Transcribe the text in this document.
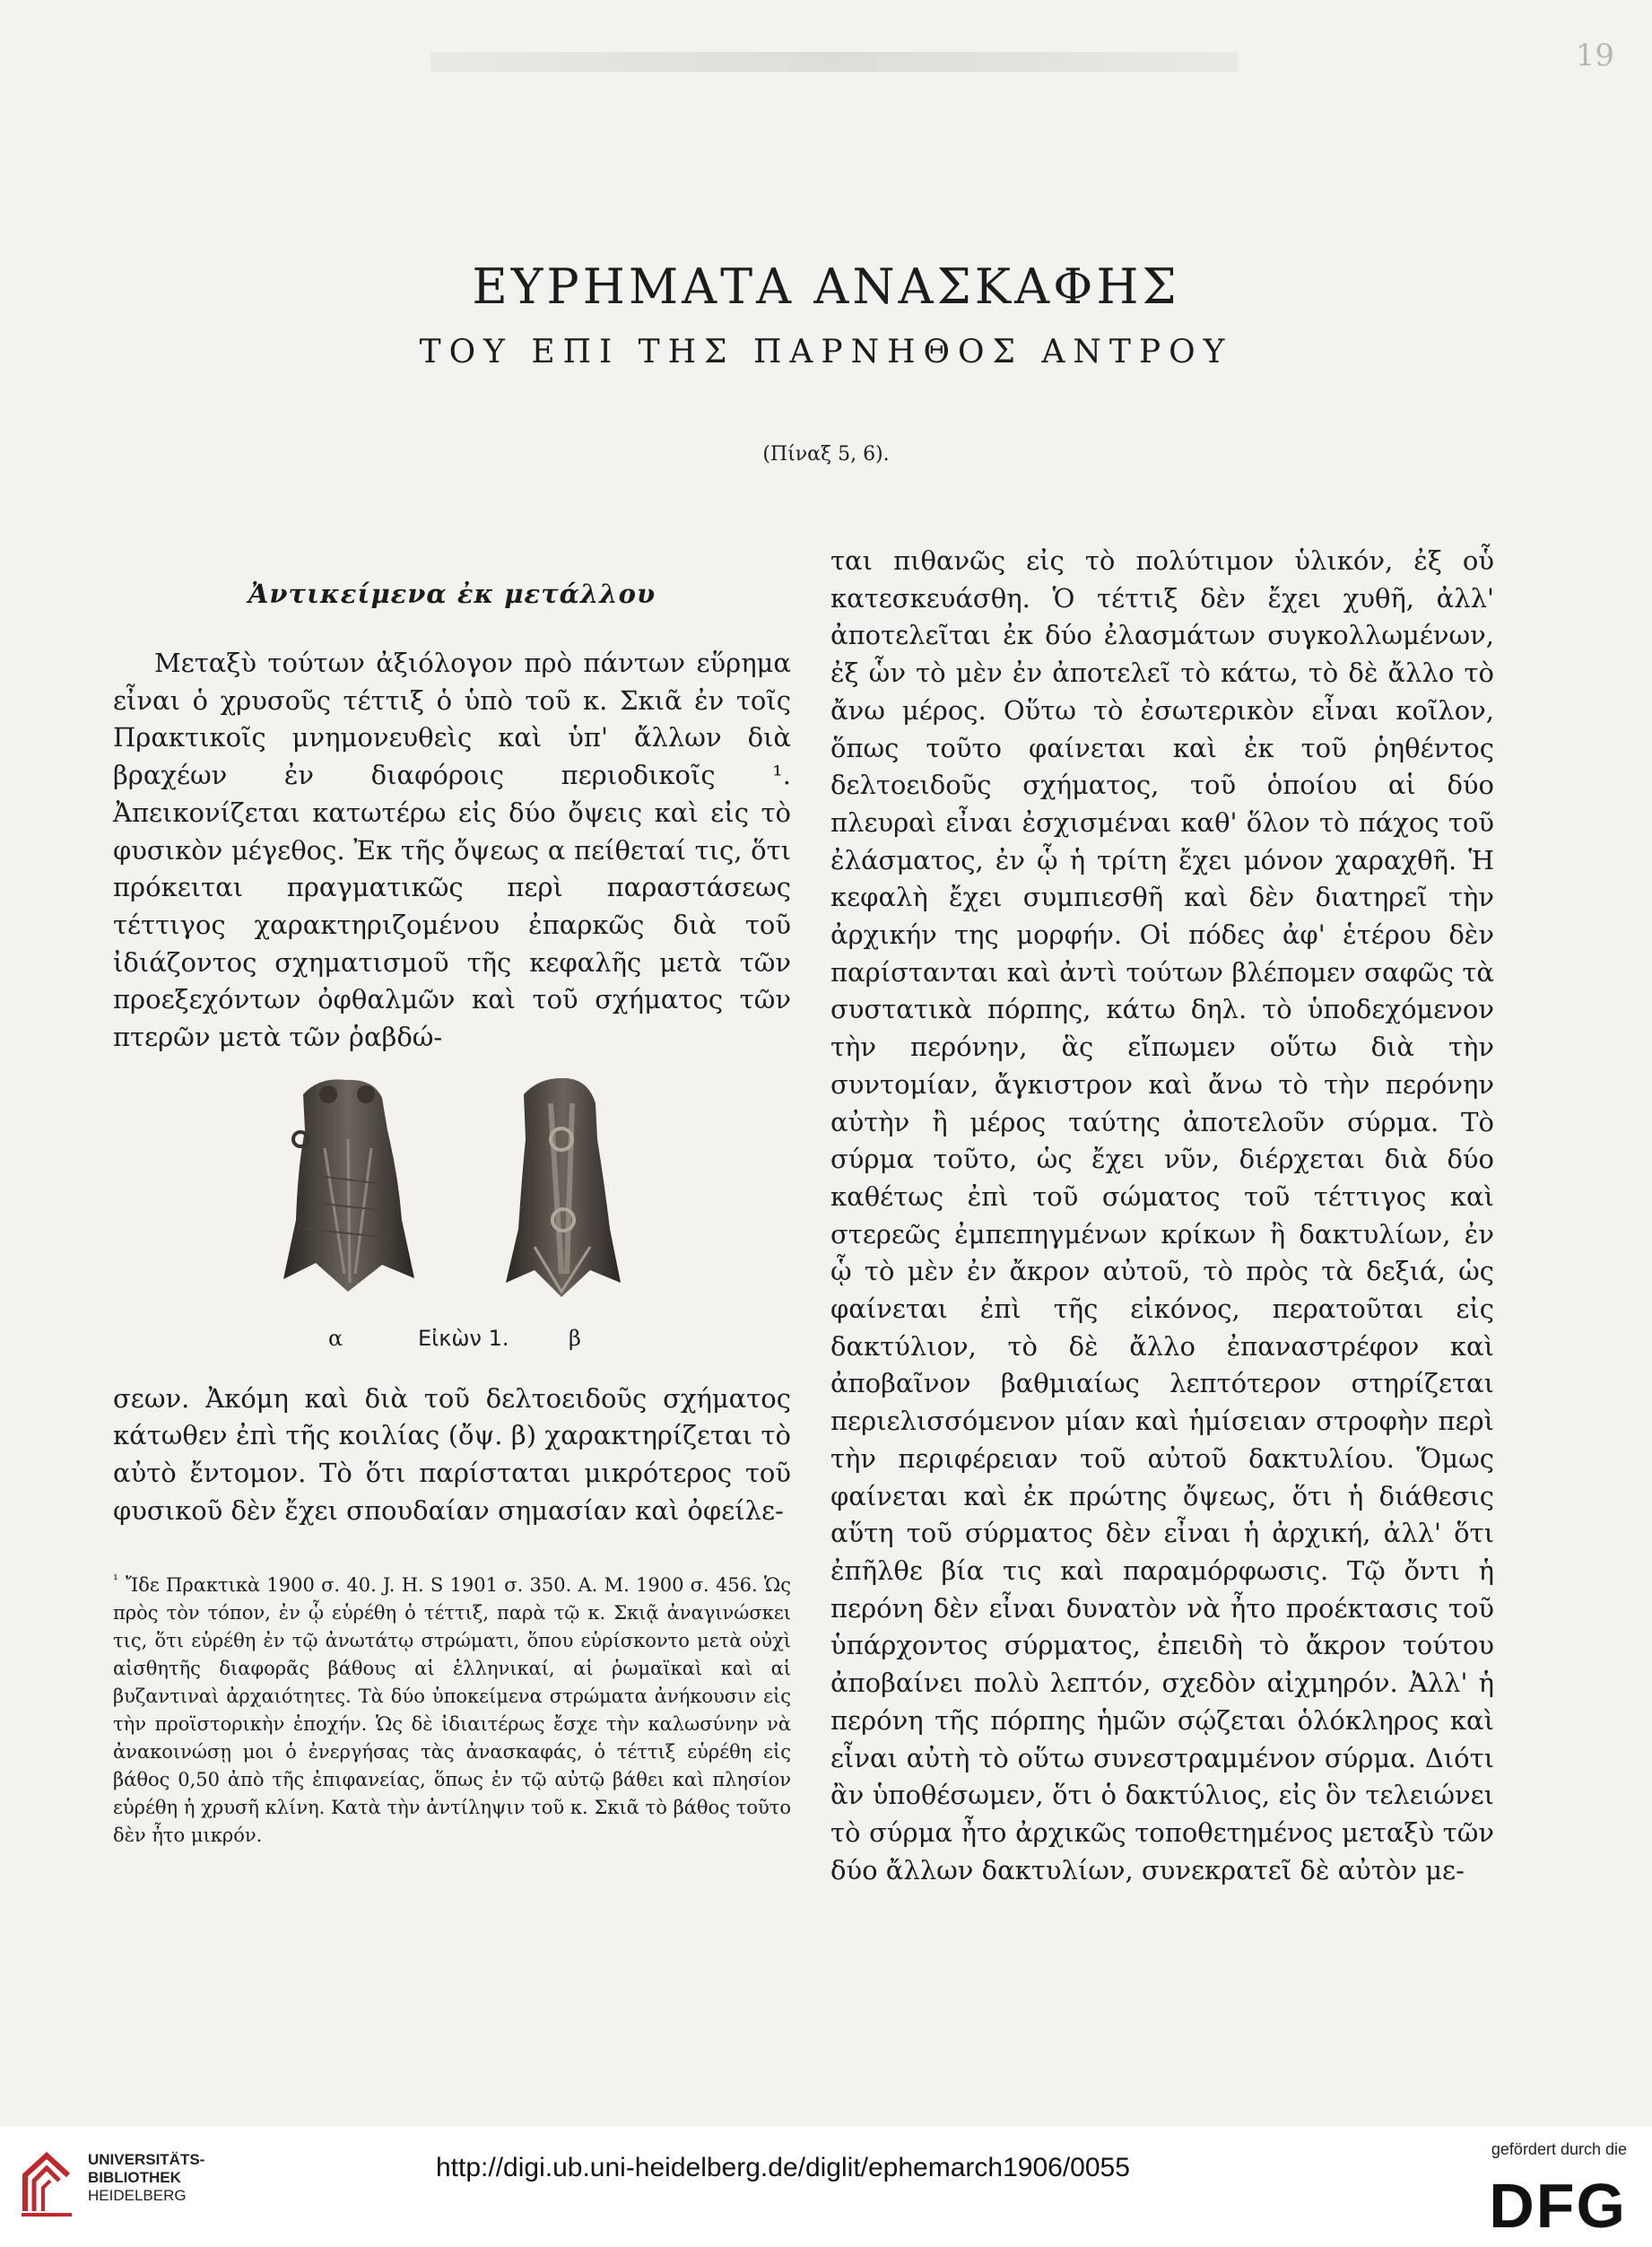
19
ΕΥΡΗΜΑΤΑ ΑΝΑΣΚΑΦΗΣ
ΤΟΥ ΕΠΙ ΤΗΣ ΠΑΡΝΗΘΟΣ ΑΝΤΡΟΥ
(Πίναξ 5, 6).
Ἀντικείμενα ἐκ μετάλλου

Μεταξὺ τούτων ἀξιόλογον πρὸ πάντων εὕρημα εἶναι ὁ χρυσοῦς τέττιξ ὁ ὑπὸ τοῦ κ. Σκιᾶ ἐν τοῖς Πρακτικοῖς μνημονευθεὶς καὶ ὑπ' ἄλλων διὰ βραχέων ἐν διαφόροις περιοδικοῖς ¹. Ἀπεικονίζεται κατωτέρω εἰς δύο ὄψεις καὶ εἰς τὸ φυσικὸν μέγεθος. Ἐκ τῆς ὄψεως α πείθεταί τις, ὅτι πρόκειται πραγματικῶς περὶ παραστάσεως τέττιγος χαρακτηριζομένου ἐπαρκῶς διὰ τοῦ ἰδιάζοντος σχηματισμοῦ τῆς κεφαλῆς μετὰ τῶν προεξεχόντων ὀφθαλμῶν καὶ τοῦ σχήματος τῶν πτερῶν μετὰ τῶν ῥαβδώ-

α	Εἰκὼν 1.	β

σεων. Ἀκόμη καὶ διὰ τοῦ δελτοειδοῦς σχήματος κάτωθεν ἐπὶ τῆς κοιλίας (ὄψ. β) χαρακτηρίζεται τὸ αὐτὸ ἔντομον. Τὸ ὅτι παρίσταται μικρότερος τοῦ φυσικοῦ δὲν ἔχει σπουδαίαν σημασίαν καὶ ὀφείλε-

$^{^1}$ Ἴδε Πρακτικὰ 1900 σ. 40. J. H. S 1901 σ. 350. A. M. 1900 σ. 456. Ὡς πρὸς τὸν τόπον, ἐν ᾧ εὑρέθη ὁ τέττιξ, παρὰ τῷ κ. Σκιᾷ ἀναγινώσκει τις, ὅτι εὑρέθη ἐν τῷ ἀνωτάτῳ στρώματι, ὅπου εὑρίσκοντο μετὰ οὐχὶ αἰσθητῆς διαφορᾶς βάθους αἱ ἑλληνικαί, αἱ ῥωμαϊκαὶ καὶ αἱ βυζαντιναὶ ἀρχαιότητες. Τὰ δύο ὑποκείμενα στρώματα ἀνήκουσιν εἰς τὴν προϊστορικὴν ἐποχήν. Ὡς δὲ ἰδιαιτέρως ἔσχε τὴν καλωσύνην νὰ ἀνακοινώσῃ μοι ὁ ἐνεργήσας τὰς ἀνασκαφάς, ὁ τέττιξ εὑρέθη εἰς βάθος 0,50 ἀπὸ τῆς ἐπιφανείας, ὅπως ἐν τῷ αὐτῷ βάθει καὶ πλησίον εὑρέθη ἡ χρυσῆ κλίνη. Κατὰ τὴν ἀντίληψιν τοῦ κ. Σκιᾶ τὸ βάθος τοῦτο δὲν ἦτο μικρόν.

ται πιθανῶς εἰς τὸ πολύτιμον ὑλικόν, ἐξ οὗ κατεσκευάσθη. Ὁ τέττιξ δὲν ἔχει χυθῆ, ἀλλ' ἀποτελεῖται ἐκ δύο ἐλασμάτων συγκολλωμένων, ἐξ ὧν τὸ μὲν ἐν ἀποτελεῖ τὸ κάτω, τὸ δὲ ἄλλο τὸ ἄνω μέρος. Οὕτω τὸ ἐσωτερικὸν εἶναι κοῖλον, ὅπως τοῦτο φαίνεται καὶ ἐκ τοῦ ῥηθέντος δελτοειδοῦς σχήματος, τοῦ ὁποίου αἱ δύο πλευραὶ εἶναι ἐσχισμέναι καθ' ὅλον τὸ πάχος τοῦ ἐλάσματος, ἐν ᾧ ἡ τρίτη ἔχει μόνον χαραχθῆ. Ἡ κεφαλὴ ἔχει συμπιεσθῆ καὶ δὲν διατηρεῖ τὴν ἀρχικήν της μορφήν. Οἱ πόδες ἀφ' ἑτέρου δὲν παρίστανται καὶ ἀντὶ τούτων βλέπομεν σαφῶς τὰ συστατικὰ πόρπης, κάτω δηλ. τὸ ὑποδεχόμενον τὴν περόνην, ἃς εἴπωμεν οὕτω διὰ τὴν συντομίαν, ἄγκιστρον καὶ ἄνω τὸ τὴν περόνην αὐτὴν ἢ μέρος ταύτης ἀποτελοῦν σύρμα. Τὸ σύρμα τοῦτο, ὡς ἔχει νῦν, διέρχεται διὰ δύο καθέτως ἐπὶ τοῦ σώματος τοῦ τέττιγος καὶ στερεῶς ἐμπεπηγμένων κρίκων ἢ δακτυλίων, ἐν ᾧ τὸ μὲν ἐν ἄκρον αὐτοῦ, τὸ πρὸς τὰ δεξιά, ὡς φαίνεται ἐπὶ τῆς εἰκόνος, περατοῦται εἰς δακτύλιον, τὸ δὲ ἄλλο ἐπαναστρέφον καὶ ἀποβαῖνον βαθμιαίως λεπτότερον στηρίζεται περιελισσόμενον μίαν καὶ ἡμίσειαν στροφὴν περὶ τὴν περιφέρειαν τοῦ αὐτοῦ δακτυλίου. Ὅμως φαίνεται καὶ ἐκ πρώτης ὄψεως, ὅτι ἡ διάθεσις αὕτη τοῦ σύρματος δὲν εἶναι ἡ ἀρχική, ἀλλ' ὅτι ἐπῆλθε βία τις καὶ παραμόρφωσις. Τῷ ὄντι ἡ περόνη δὲν εἶναι δυνατὸν νὰ ἦτο προέκτασις τοῦ ὑπάρχοντος σύρματος, ἐπειδὴ τὸ ἄκρον τούτου ἀποβαίνει πολὺ λεπτόν, σχεδὸν αἰχμηρόν. Ἀλλ' ἡ περόνη τῆς πόρπης ἡμῶν σῴζεται ὁλόκληρος καὶ εἶναι αὐτὴ τὸ οὕτω συνεστραμμένον σύρμα. Διότι ἂν ὑποθέσωμεν, ὅτι ὁ δακτύλιος, εἰς ὃν τελειώνει τὸ σύρμα ἦτο ἀρχικῶς τοποθετημένος μεταξὺ τῶν δύο ἄλλων δακτυλίων, συνεκρατεῖ δὲ αὐτὸν με-

UNIVERSITÄTS-
BIBLIOTHEK
HEIDELBERG
http://digi.ub.uni-heidelberg.de/diglit/ephemarch1906/0055
gefördert durch die
DFG
